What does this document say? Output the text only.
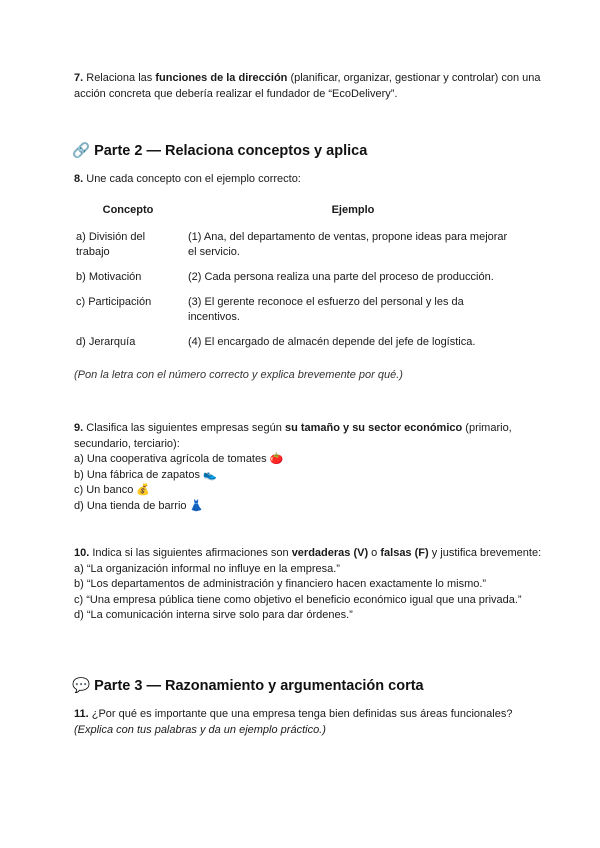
7. Relaciona las funciones de la dirección (planificar, organizar, gestionar y controlar) con una acción concreta que debería realizar el fundador de “EcoDelivery”.
🔗 Parte 2 — Relaciona conceptos y aplica
8. Une cada concepto con el ejemplo correcto:
Concepto	Ejemplo
a) División del trabajo	(1) Ana, del departamento de ventas, propone ideas para mejorar el servicio.
b) Motivación	(2) Cada persona realiza una parte del proceso de producción.
c) Participación	(3) El gerente reconoce el esfuerzo del personal y les da incentivos.
d) Jerarquía	(4) El encargado de almacén depende del jefe de logística.
(Pon la letra con el número correcto y explica brevemente por qué.)
9. Clasifica las siguientes empresas según su tamaño y su sector económico (primario, secundario, terciario):
a) Una cooperativa agrícola de tomates 🍅
b) Una fábrica de zapatos 👟
c) Un banco 💰
d) Una tienda de barrio 👗
10. Indica si las siguientes afirmaciones son verdaderas (V) o falsas (F) y justifica brevemente:
a) “La organización informal no influye en la empresa.”
b) “Los departamentos de administración y financiero hacen exactamente lo mismo.”
c) “Una empresa pública tiene como objetivo el beneficio económico igual que una privada.”
d) “La comunicación interna sirve solo para dar órdenes.”
💬 Parte 3 — Razonamiento y argumentación corta
11. ¿Por qué es importante que una empresa tenga bien definidas sus áreas funcionales?
(Explica con tus palabras y da un ejemplo práctico.)
